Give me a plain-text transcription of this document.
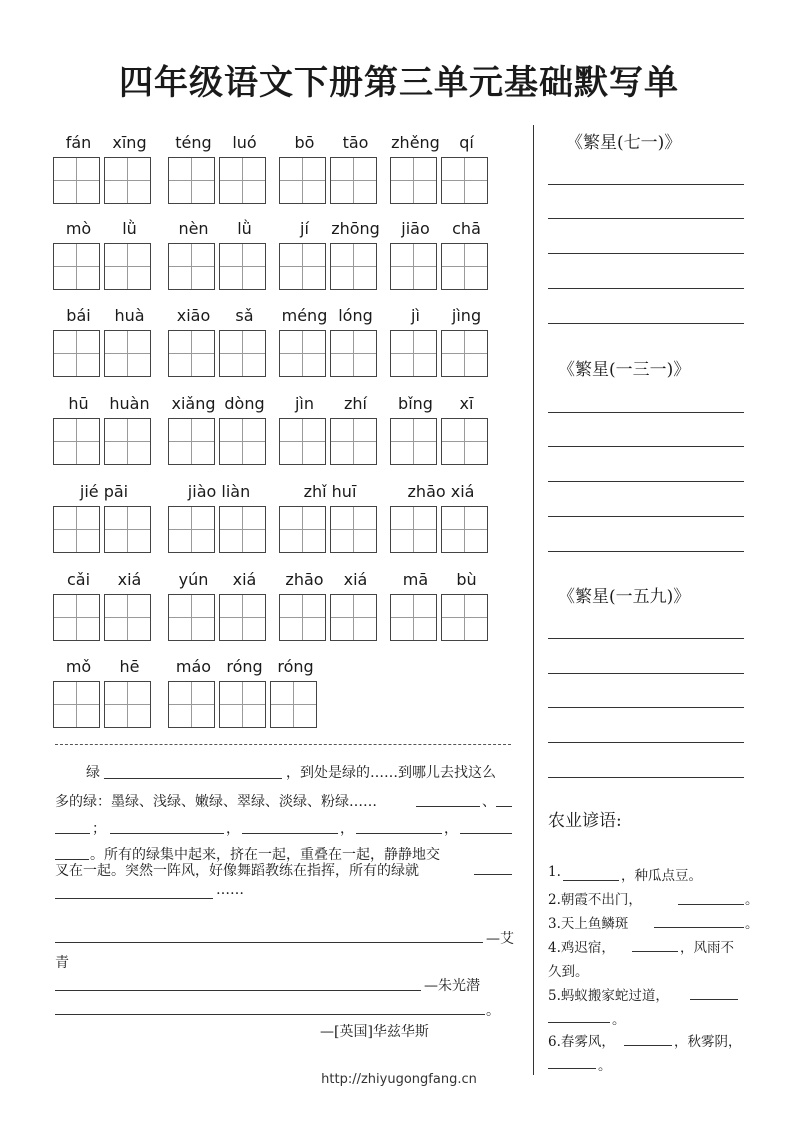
四年级语文下册第三单元基础默写单
fán	xīng	téng	luó	bō	tāo	zhěng	qí
mò	lǜ	nèn	lǜ	jí	zhōng	jiāo	chā
bái	huà	xiāo	sǎ	méng lóng	jì	jìng
hū	huàn	xiǎng dòng	jìn	zhí	bǐng	xī
jié pāi	jiào liàn	zhǐ huī	zhāo xiá
cǎi	xiá	yún	xiá	zhāo	xiá	mā	bù
mǒ	hē	máo róng róng
绿	，到处是绿的……到哪儿去找这么
多的绿：墨绿、浅绿、嫩绿、翠绿、淡绿、粉绿……	、
；	，	，	，
。所有的绿集中起来，挤在一起，重叠在一起，静静地交
叉在一起。突然一阵风，好像舞蹈教练在指挥，所有的绿就
……
—艾
青
—朱光潜
。
—[英国]华兹华斯
《繁星(七一)》
《繁星(一三一)》
《繁星(一五九)》
农业谚语:
1.	，种瓜点豆。
2.朝霞不出门，	。
3.天上鱼鳞斑	。
4.鸡迟宿，	，风雨不
久到。
5.蚂蚁搬家蛇过道，
。
6.春雾风，	，秋雾阴，
。
http://zhiyugongfang.cn
